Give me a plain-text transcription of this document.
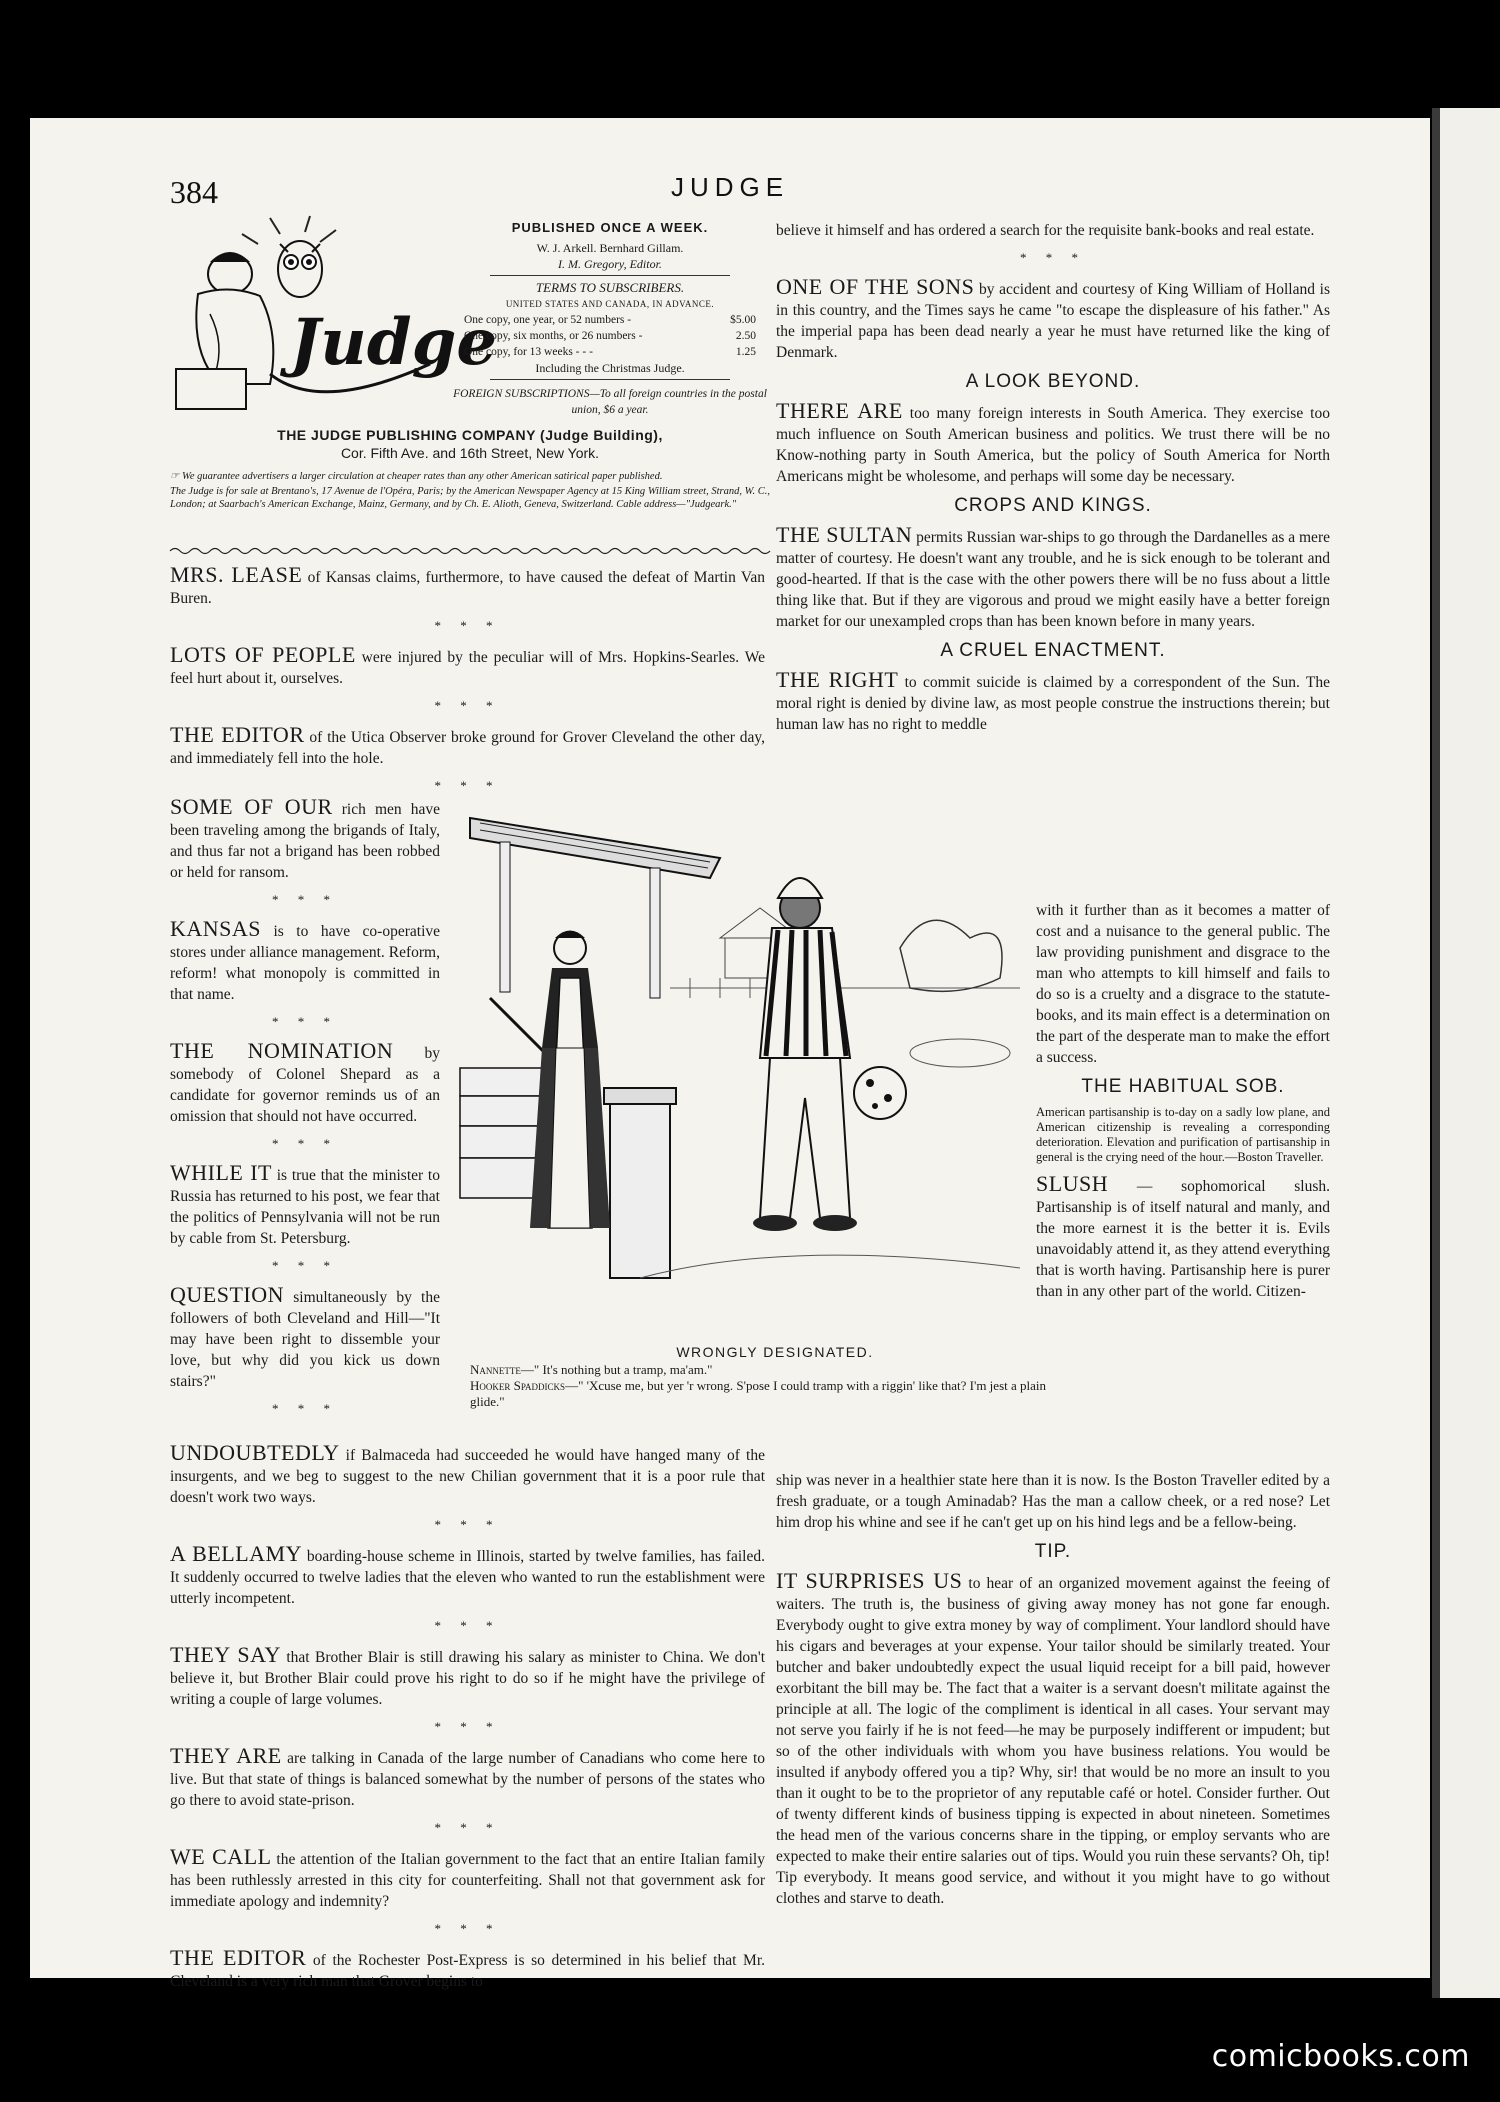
384	JUDGE
Judge
PUBLISHED ONCE A WEEK.
W. J. Arkell. Bernhard Gillam.
I. M. Gregory, Editor.
TERMS TO SUBSCRIBERS.
UNITED STATES AND CANADA, IN ADVANCE.
One copy, one year, or 52 numbers -	$5.00
One copy, six months, or 26 numbers -	2.50
One copy, for 13 weeks - - -	1.25
Including the Christmas Judge.
FOREIGN SUBSCRIPTIONS—To all foreign countries in the postal union, $6 a year.
THE JUDGE PUBLISHING COMPANY (Judge Building),
Cor. Fifth Ave. and 16th Street, New York.
☞ We guarantee advertisers a larger circulation at cheaper rates than any other American satirical paper published.
The Judge is for sale at Brentano's, 17 Avenue de l'Opéra, Paris; by the American Newspaper Agency at 15 King William street, Strand, W. C., London; at Saarbach's American Exchange, Mainz, Germany, and by Ch. E. Alioth, Geneva, Switzerland. Cable address—"Judgeark."

MRS. LEASE of Kansas claims, furthermore, to have caused the defeat of Martin Van Buren.

* * *

LOTS OF PEOPLE were injured by the peculiar will of Mrs. Hopkins-Searles. We feel hurt about it, ourselves.

* * *

THE EDITOR of the Utica Observer broke ground for Grover Cleveland the other day, and immediately fell into the hole.

* * *

SOME OF OUR rich men have been traveling among the brigands of Italy, and thus far not a brigand has been robbed or held for ransom.

* * *

KANSAS is to have co-operative stores under alliance management. Reform, reform! what monopoly is committed in that name.

* * *

THE NOMINATION by somebody of Colonel Shepard as a candidate for governor reminds us of an omission that should not have occurred.

* * *

WHILE IT is true that the minister to Russia has returned to his post, we fear that the politics of Pennsylvania will not be run by cable from St. Petersburg.

* * *

QUESTION simultaneously by the followers of both Cleveland and Hill—"It may have been right to dissemble your love, but why did you kick us down stairs?"

* * *

UNDOUBTEDLY if Balmaceda had succeeded he would have hanged many of the insurgents, and we beg to suggest to the new Chilian government that it is a poor rule that doesn't work two ways.

* * *

A BELLAMY boarding-house scheme in Illinois, started by twelve families, has failed. It suddenly occurred to twelve ladies that the eleven who wanted to run the establishment were utterly incompetent.

* * *

THEY SAY that Brother Blair is still drawing his salary as minister to China. We don't believe it, but Brother Blair could prove his right to do so if he might have the privilege of writing a couple of large volumes.

* * *

THEY ARE are talking in Canada of the large number of Canadians who come here to live. But that state of things is balanced somewhat by the number of persons of the states who go there to avoid state-prison.

* * *

WE CALL the attention of the Italian government to the fact that an entire Italian family has been ruthlessly arrested in this city for counterfeiting. Shall not that government ask for immediate apology and indemnity?

* * *

THE EDITOR of the Rochester Post-Express is so determined in his belief that Mr. Cleveland is a very rich man that Grover begins to

believe it himself and has ordered a search for the requisite bank-books and real estate.

* * *

ONE OF THE SONS by accident and courtesy of King William of Holland is in this country, and the Times says he came "to escape the displeasure of his father." As the imperial papa has been dead nearly a year he must have returned like the king of Denmark.

A LOOK BEYOND.

THERE ARE too many foreign interests in South America. They exercise too much influence on South American business and politics. We trust there will be no Know-nothing party in South America, but the policy of South America for North Americans might be wholesome, and perhaps will some day be necessary.

CROPS AND KINGS.

THE SULTAN permits Russian war-ships to go through the Dardanelles as a mere matter of courtesy. He doesn't want any trouble, and he is sick enough to be tolerant and good-hearted. If that is the case with the other powers there will be no fuss about a little thing like that. But if they are vigorous and proud we might easily have a better foreign market for our unexampled crops than has been known before in many years.

A CRUEL ENACTMENT.

THE RIGHT to commit suicide is claimed by a correspondent of the Sun. The moral right is denied by divine law, as most people construe the instructions therein; but human law has no right to meddle

with it further than as it becomes a matter of cost and a nuisance to the general public. The law providing punishment and disgrace to the man who attempts to kill himself and fails to do so is a cruelty and a disgrace to the statute-books, and its main effect is a determination on the part of the desperate man to make the effort a success.

THE HABITUAL SOB.
American partisanship is to-day on a sadly low plane, and American citizenship is revealing a corresponding deterioration. Elevation and purification of partisanship in general is the crying need of the hour.—Boston Traveller.

SLUSH — sophomorical slush. Partisanship is of itself natural and manly, and the more earnest it is the better it is. Evils unavoidably attend it, as they attend everything that is worth having. Partisanship here is purer than in any other part of the world. Citizen-

ship was never in a healthier state here than it is now. Is the Boston Traveller edited by a fresh graduate, or a tough Aminadab? Has the man a callow cheek, or a red nose? Let him drop his whine and see if he can't get up on his hind legs and be a fellow-being.

TIP.

IT SURPRISES US to hear of an organized movement against the feeing of waiters. The truth is, the business of giving away money has not gone far enough. Everybody ought to give extra money by way of compliment. Your landlord should have his cigars and beverages at your expense. Your tailor should be similarly treated. Your butcher and baker undoubtedly expect the usual liquid receipt for a bill paid, however exorbitant the bill may be. The fact that a waiter is a servant doesn't militate against the principle at all. The logic of the compliment is identical in all cases. Your servant may not serve you fairly if he is not feed—he may be purposely indifferent or impudent; but so of the other individuals with whom you have business relations. You would be insulted if anybody offered you a tip? Why, sir! that would be no more an insult to you than it ought to be to the proprietor of any reputable café or hotel. Consider further. Out of twenty different kinds of business tipping is expected in about nineteen. Sometimes the head men of the various concerns share in the tipping, or employ servants who are expected to make their entire salaries out of tips. Would you ruin these servants? Oh, tip! Tip everybody. It means good service, and without it you might have to go without clothes and starve to death.

WRONGLY DESIGNATED.
Nannette—" It's nothing but a tramp, ma'am."
Hooker Spaddicks—" 'Xcuse me, but yer 'r wrong. S'pose I could tramp with a riggin' like that? I'm jest a plain glide."
comicbooks.com
